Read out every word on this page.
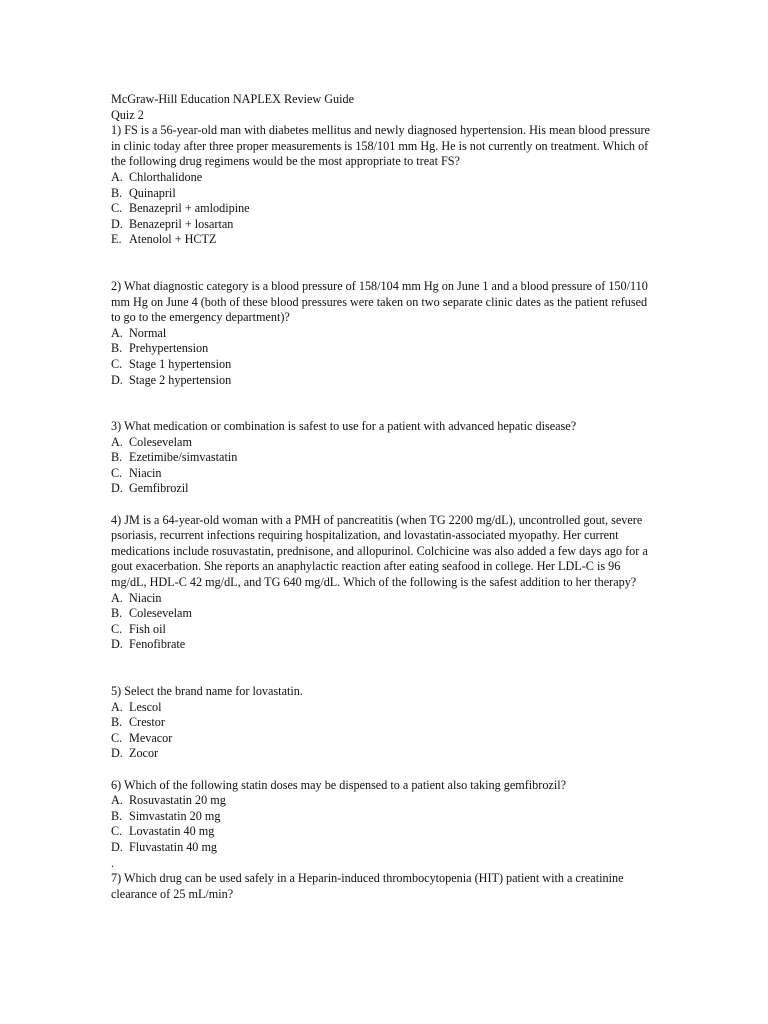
McGraw-Hill Education NAPLEX Review Guide
Quiz 2
1) FS is a 56-year-old man with diabetes mellitus and newly diagnosed hypertension. His mean blood pressure in clinic today after three proper measurements is 158/101 mm Hg. He is not currently on treatment. Which of the following drug regimens would be the most appropriate to treat FS?
A. Chlorthalidone
B. Quinapril
C. Benazepril + amlodipine
D. Benazepril + losartan
E. Atenolol + HCTZ
2) What diagnostic category is a blood pressure of 158/104 mm Hg on June 1 and a blood pressure of 150/110 mm Hg on June 4 (both of these blood pressures were taken on two separate clinic dates as the patient refused to go to the emergency department)?
A. Normal
B. Prehypertension
C. Stage 1 hypertension
D. Stage 2 hypertension
3) What medication or combination is safest to use for a patient with advanced hepatic disease?
A. Colesevelam
B. Ezetimibe/simvastatin
C. Niacin
D. Gemfibrozil
4) JM is a 64-year-old woman with a PMH of pancreatitis (when TG 2200 mg/dL), uncontrolled gout, severe psoriasis, recurrent infections requiring hospitalization, and lovastatin-associated myopathy. Her current medications include rosuvastatin, prednisone, and allopurinol. Colchicine was also added a few days ago for a gout exacerbation. She reports an anaphylactic reaction after eating seafood in college. Her LDL-C is 96 mg/dL, HDL-C 42 mg/dL, and TG 640 mg/dL. Which of the following is the safest addition to her therapy?
A. Niacin
B. Colesevelam
C. Fish oil
D. Fenofibrate
5) Select the brand name for lovastatin.
A. Lescol
B. Crestor
C. Mevacor
D. Zocor
6) Which of the following statin doses may be dispensed to a patient also taking gemfibrozil?
A. Rosuvastatin 20 mg
B. Simvastatin 20 mg
C. Lovastatin 40 mg
D. Fluvastatin 40 mg
.
7) Which drug can be used safely in a Heparin-induced thrombocytopenia (HIT) patient with a creatinine clearance of 25 mL/min?
